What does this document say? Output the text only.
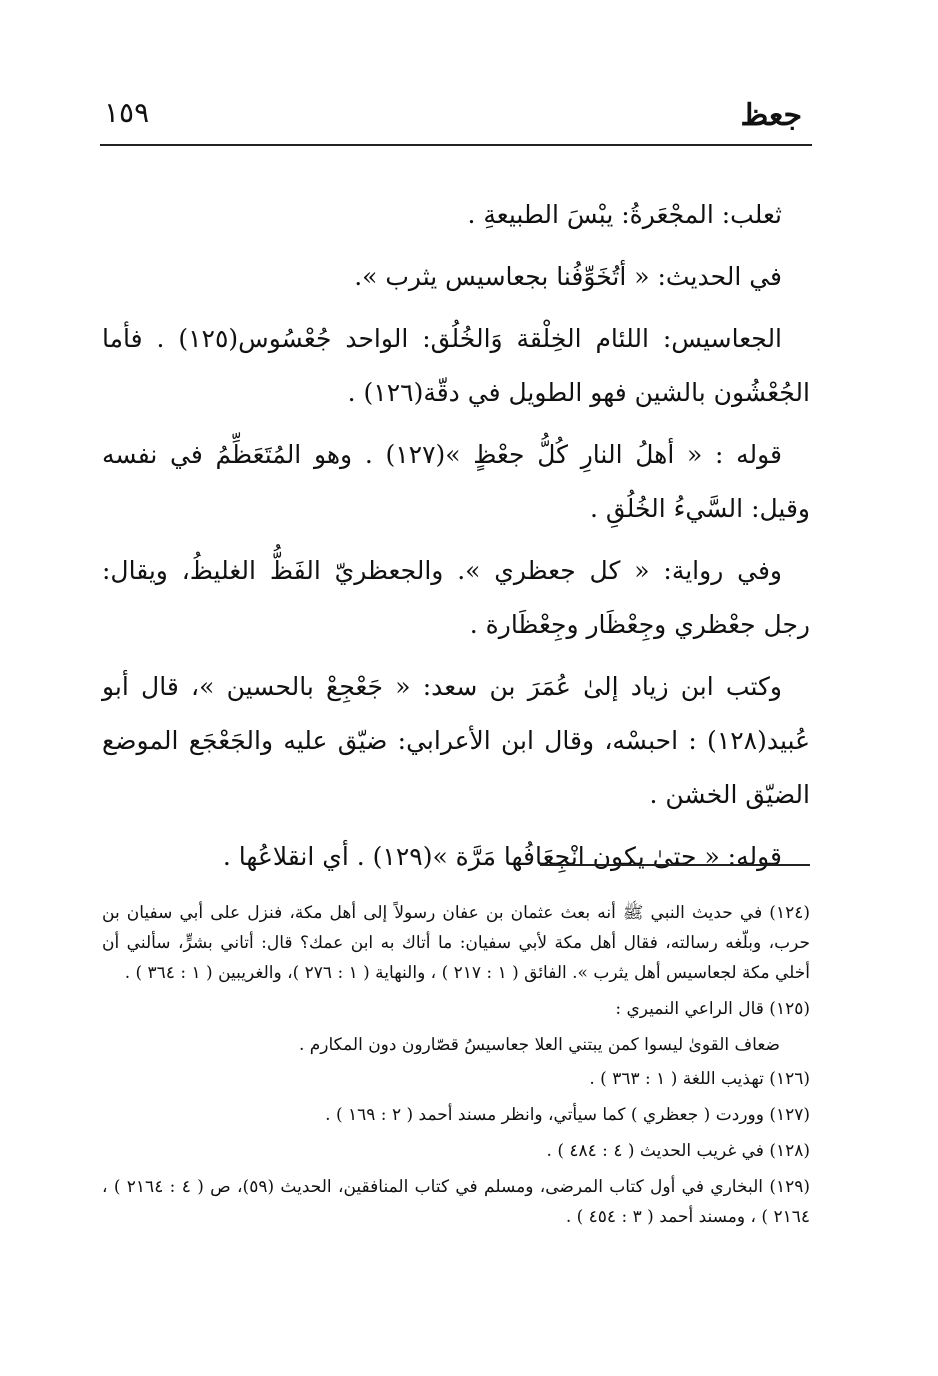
جعظ
١٥٩

ثعلب: المجْعَرةُ: يبْسَ الطبيعةِ .

في الحديث: « أتُخَوِّفُنا بجعاسيس يثرب ».

الجعاسيس: اللئام الخِلْقة وَالخُلُق: الواحد جُعْسُوس(١٢٥) . فأما الجُعْشُون بالشين فهو الطويل في دقّة(١٢٦) .

قوله : « أهلُ النارِ كُلُّ جعْظٍ »(١٢٧) . وهو المُتَعَظِّمُ في نفسه وقيل: السَّيءُ الخُلُقِ .

وفي رواية: « كل جعظري ». والجعظريّ الفَظُّ الغليظُ، ويقال: رجل جعْظري وجِعْظَار وجِعْظَارة .

وكتب ابن زياد إلىٰ عُمَرَ بن سعد: « جَعْجِعْ بالحسين »، قال أبو عُبيد(١٢٨) : احبسْه، وقال ابن الأعرابي: ضيّق عليه والجَعْجَع الموضع الضيّق الخشن .

قوله: « حتىٰ يكون انْجِعَافُها مَرَّة »(١٢٩) . أي انقلاعُها .

(١٢٤) في حديث النبي ﷺ أنه بعث عثمان بن عفان رسولاً إلى أهل مكة، فنزل على أبي سفيان بن حرب، وبلّغه رسالته، فقال أهل مكة لأبي سفيان: ما أتاك به ابن عمك؟ قال: أتاني بشرٍّ، سألني أن أخلي مكة لجعاسيس أهل يثرب ». الفائق ( ١ : ٢١٧ ) ، والنهاية ( ١ : ٢٧٦ )، والغريبين ( ١ : ٣٦٤ ) .

(١٢٥) قال الراعي النميري :

ضعاف القوىٰ ليسوا كمن يبتني العلا جعاسيسُ قصّارون دون المكارم .

(١٢٦) تهذيب اللغة ( ١ : ٣٦٣ ) .

(١٢٧) ووردت ( جعظري ) كما سيأتي، وانظر مسند أحمد ( ٢ : ١٦٩ ) .

(١٢٨) في غريب الحديث ( ٤ : ٤٨٤ ) .

(١٢٩) البخاري في أول كتاب المرضى، ومسلم في كتاب المنافقين، الحديث (٥٩)، ص ( ٤ : ٢١٦٤ ) ، ٢١٦٤ ) ، ومسند أحمد ( ٣ : ٤٥٤ ) .
